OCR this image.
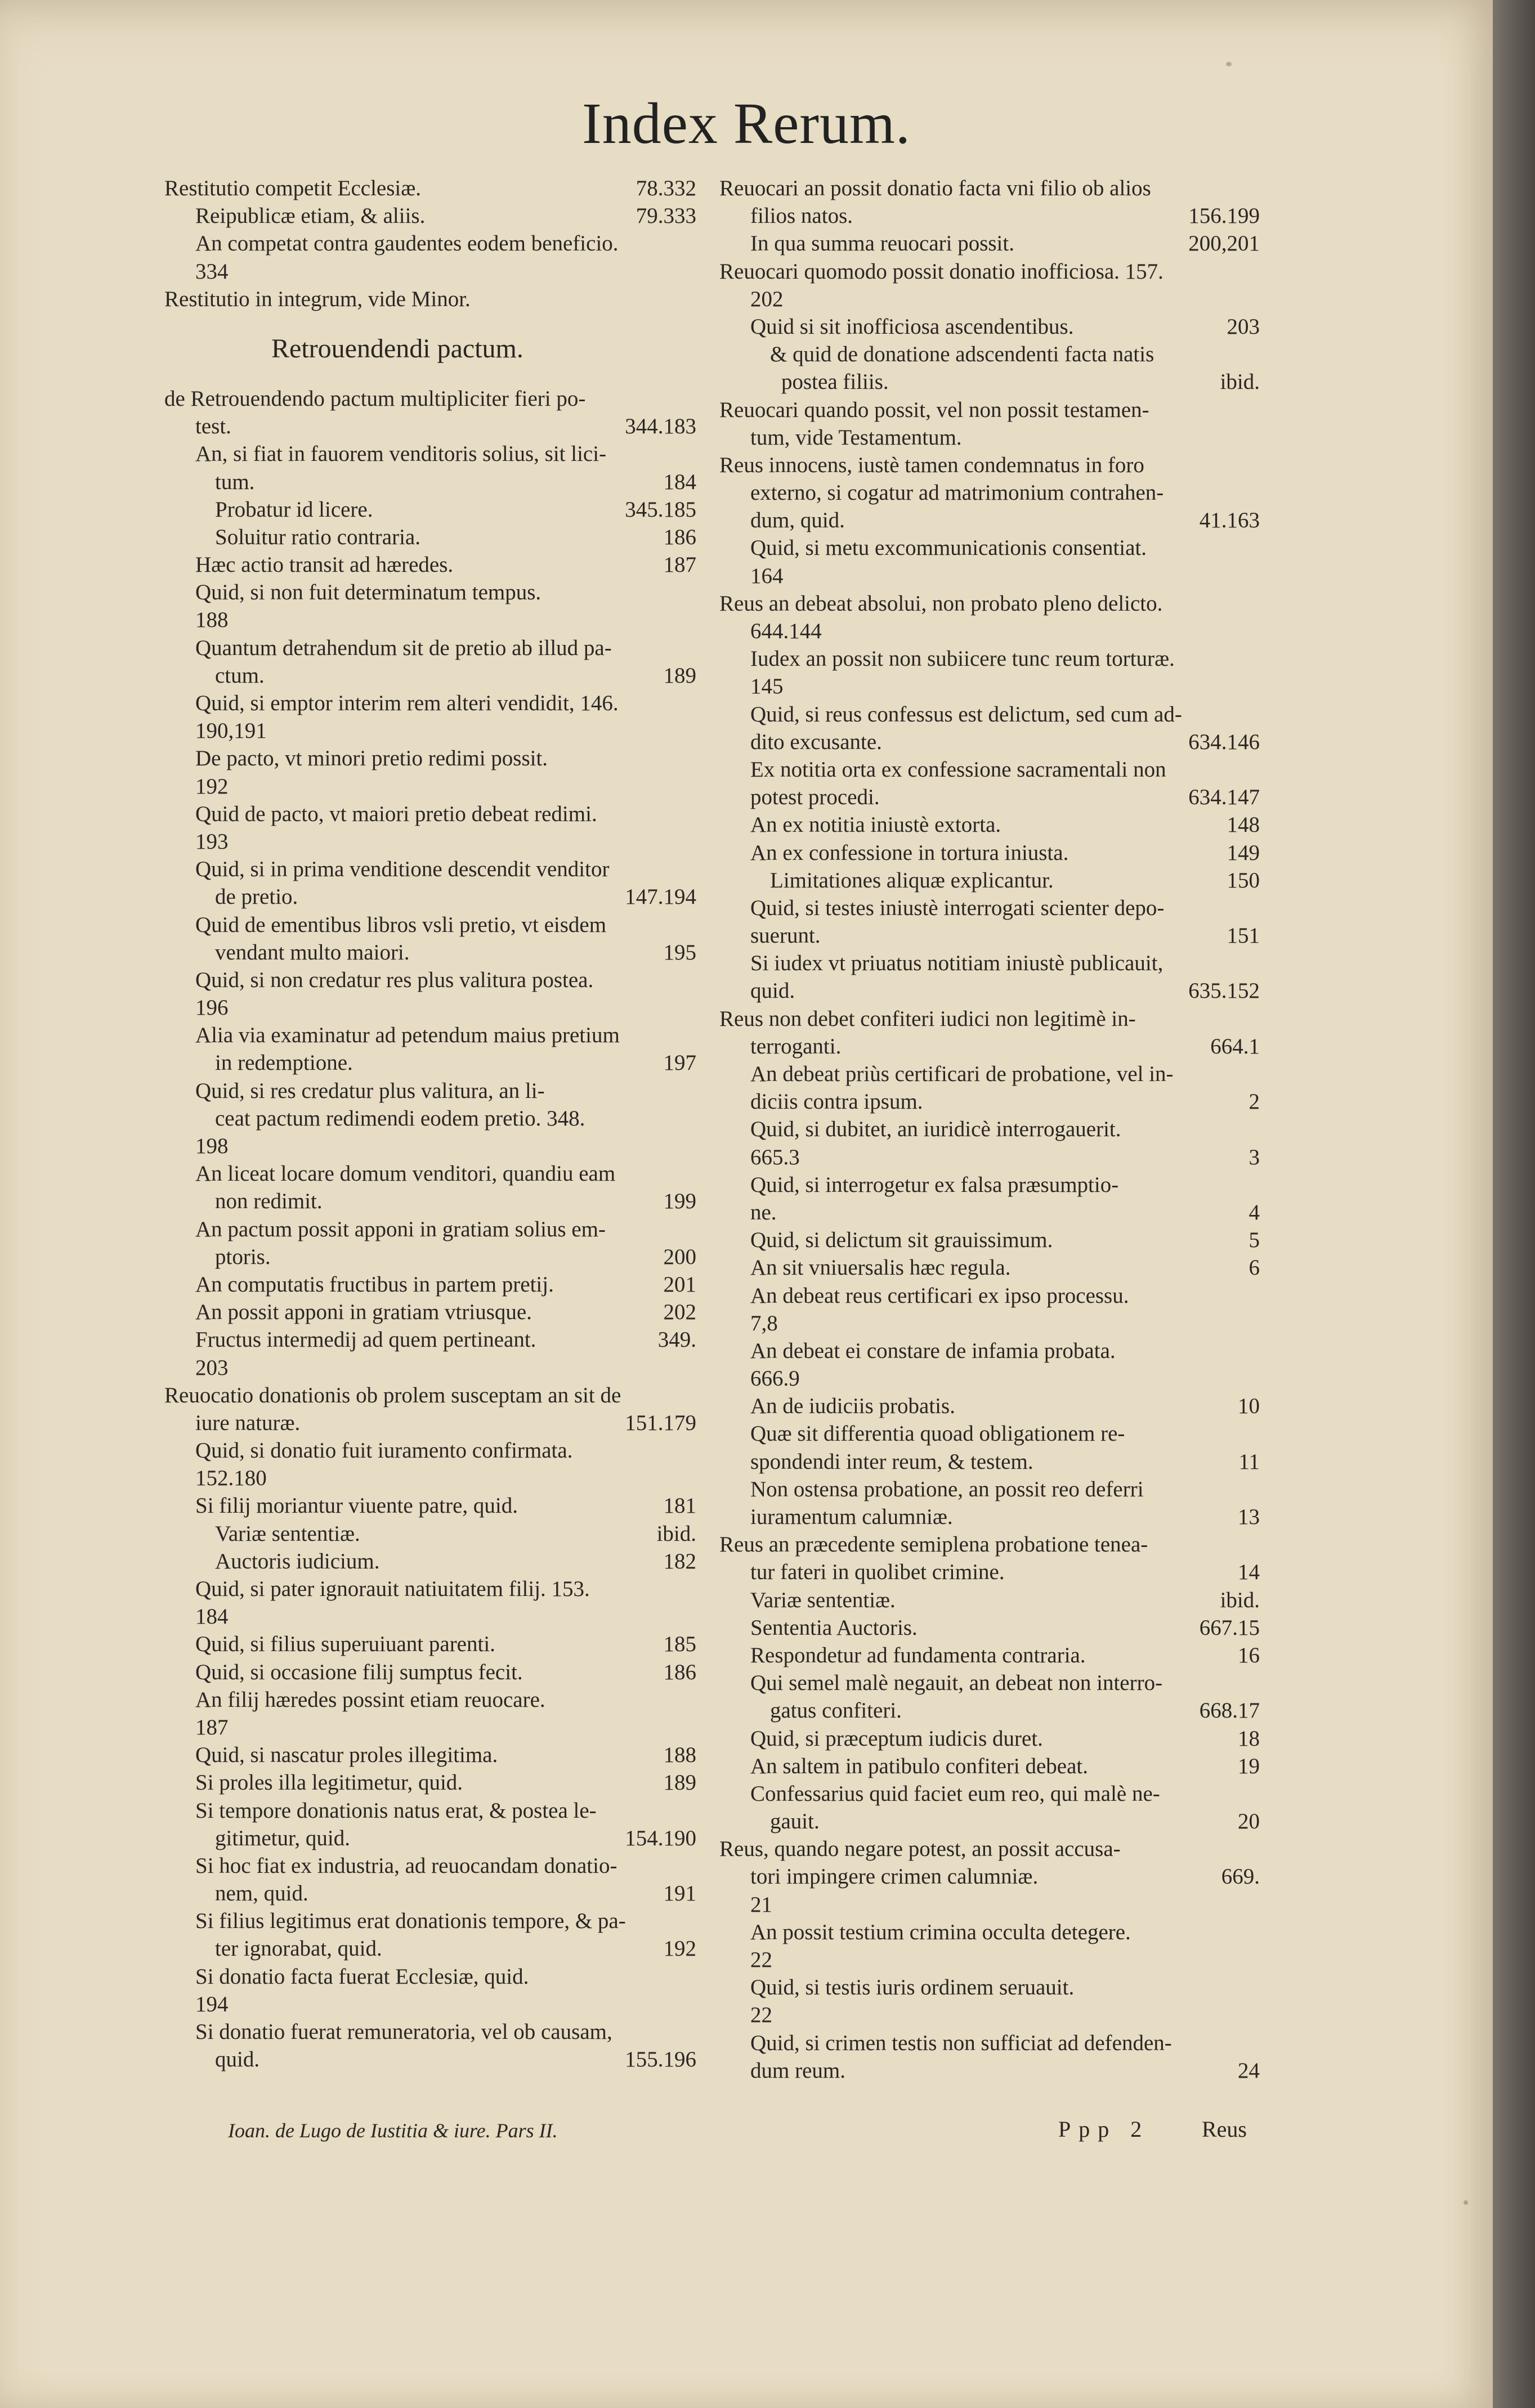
Index Rerum.
Restitutio competit Ecclesiæ.	78.332
Reipublicæ etiam, & aliis.	79.333
An competat contra gaudentes eodem beneficio.
334
Restitutio in integrum, vide Minor.
Retrouendendi pactum.
de Retrouendendo pactum multipliciter fieri po-
test.	344.183
An, si fiat in fauorem venditoris solius, sit lici-
tum.	184
Probatur id licere.	345.185
Soluitur ratio contraria.	186
Hæc actio transit ad hæredes.	187
Quid, si non fuit determinatum tempus.
188
Quantum detrahendum sit de pretio ab illud pa-
ctum.	189
Quid, si emptor interim rem alteri vendidit, 146.
190,191
De pacto, vt minori pretio redimi possit.
192
Quid de pacto, vt maiori pretio debeat redimi.
193
Quid, si in prima venditione descendit venditor
de pretio.	147.194
Quid de ementibus libros vsli pretio, vt eisdem
vendant multo maiori.	195
Quid, si non credatur res plus valitura postea.
196
Alia via examinatur ad petendum maius pretium
in redemptione.	197
Quid, si res credatur plus valitura, an li-
ceat pactum redimendi eodem pretio. 348.
198
An liceat locare domum venditori, quandiu eam
non redimit.	199
An pactum possit apponi in gratiam solius em-
ptoris.	200
An computatis fructibus in partem pretij.	201
An possit apponi in gratiam vtriusque.	202
Fructus intermedij ad quem pertineant.	349.
203
Reuocatio donationis ob prolem susceptam an sit de
iure naturæ.	151.179
Quid, si donatio fuit iuramento confirmata.
152.180
Si filij moriantur viuente patre, quid.	181
Variæ sententiæ.	ibid.
Auctoris iudicium.	182
Quid, si pater ignorauit natiuitatem filij. 153.
184
Quid, si filius superuiuant parenti.	185
Quid, si occasione filij sumptus fecit.	186
An filij hæredes possint etiam reuocare.
187
Quid, si nascatur proles illegitima.	188
Si proles illa legitimetur, quid.	189
Si tempore donationis natus erat, & postea le-
gitimetur, quid.	154.190
Si hoc fiat ex industria, ad reuocandam donatio-
nem, quid.	191
Si filius legitimus erat donationis tempore, & pa-
ter ignorabat, quid.	192
Si donatio facta fuerat Ecclesiæ, quid.
194
Si donatio fuerat remuneratoria, vel ob causam,
quid.	155.196
Reuocari an possit donatio facta vni filio ob alios
filios natos.	156.199
In qua summa reuocari possit.	200,201
Reuocari quomodo possit donatio inofficiosa. 157.
202
Quid si sit inofficiosa ascendentibus.	203
& quid de donatione adscendenti facta natis
postea filiis.	ibid.
Reuocari quando possit, vel non possit testamen-
tum, vide Testamentum.
Reus innocens, iustè tamen condemnatus in foro
externo, si cogatur ad matrimonium contrahen-
dum, quid.	41.163
Quid, si metu excommunicationis consentiat.
164
Reus an debeat absolui, non probato pleno delicto.
644.144
Iudex an possit non subiicere tunc reum torturæ.
145
Quid, si reus confessus est delictum, sed cum ad-
dito excusante.	634.146
Ex notitia orta ex confessione sacramentali non
potest procedi.	634.147
An ex notitia iniustè extorta.	148
An ex confessione in tortura iniusta.	149
Limitationes aliquæ explicantur.	150
Quid, si testes iniustè interrogati scienter depo-
suerunt.	151
Si iudex vt priuatus notitiam iniustè publicauit,
quid.	635.152
Reus non debet confiteri iudici non legitimè in-
terroganti.	664.1
An debeat priùs certificari de probatione, vel in-
diciis contra ipsum.	2
Quid, si dubitet, an iuridicè interrogauerit.
665.3	3
Quid, si interrogetur ex falsa præsumptio-
ne.	4
Quid, si delictum sit grauissimum.	5
An sit vniuersalis hæc regula.	6
An debeat reus certificari ex ipso processu.
7,8
An debeat ei constare de infamia probata.
666.9
An de iudiciis probatis.	10
Quæ sit differentia quoad obligationem re-
spondendi inter reum, & testem.	11
Non ostensa probatione, an possit reo deferri
iuramentum calumniæ.	13
Reus an præcedente semiplena probatione tenea-
tur fateri in quolibet crimine.	14
Variæ sententiæ.	ibid.
Sententia Auctoris.	667.15
Respondetur ad fundamenta contraria.	16
Qui semel malè negauit, an debeat non interro-
gatus confiteri.	668.17
Quid, si præceptum iudicis duret.	18
An saltem in patibulo confiteri debeat.	19
Confessarius quid faciet eum reo, qui malè ne-
gauit.	20
Reus, quando negare potest, an possit accusa-
tori impingere crimen calumniæ.	669.
21
An possit testium crimina occulta detegere.
22
Quid, si testis iuris ordinem seruauit.
22
Quid, si crimen testis non sufficiat ad defenden-
dum reum.	24
Ioan. de Lugo de Iustitia & iure. Pars II.	Ppp 2 Reus
